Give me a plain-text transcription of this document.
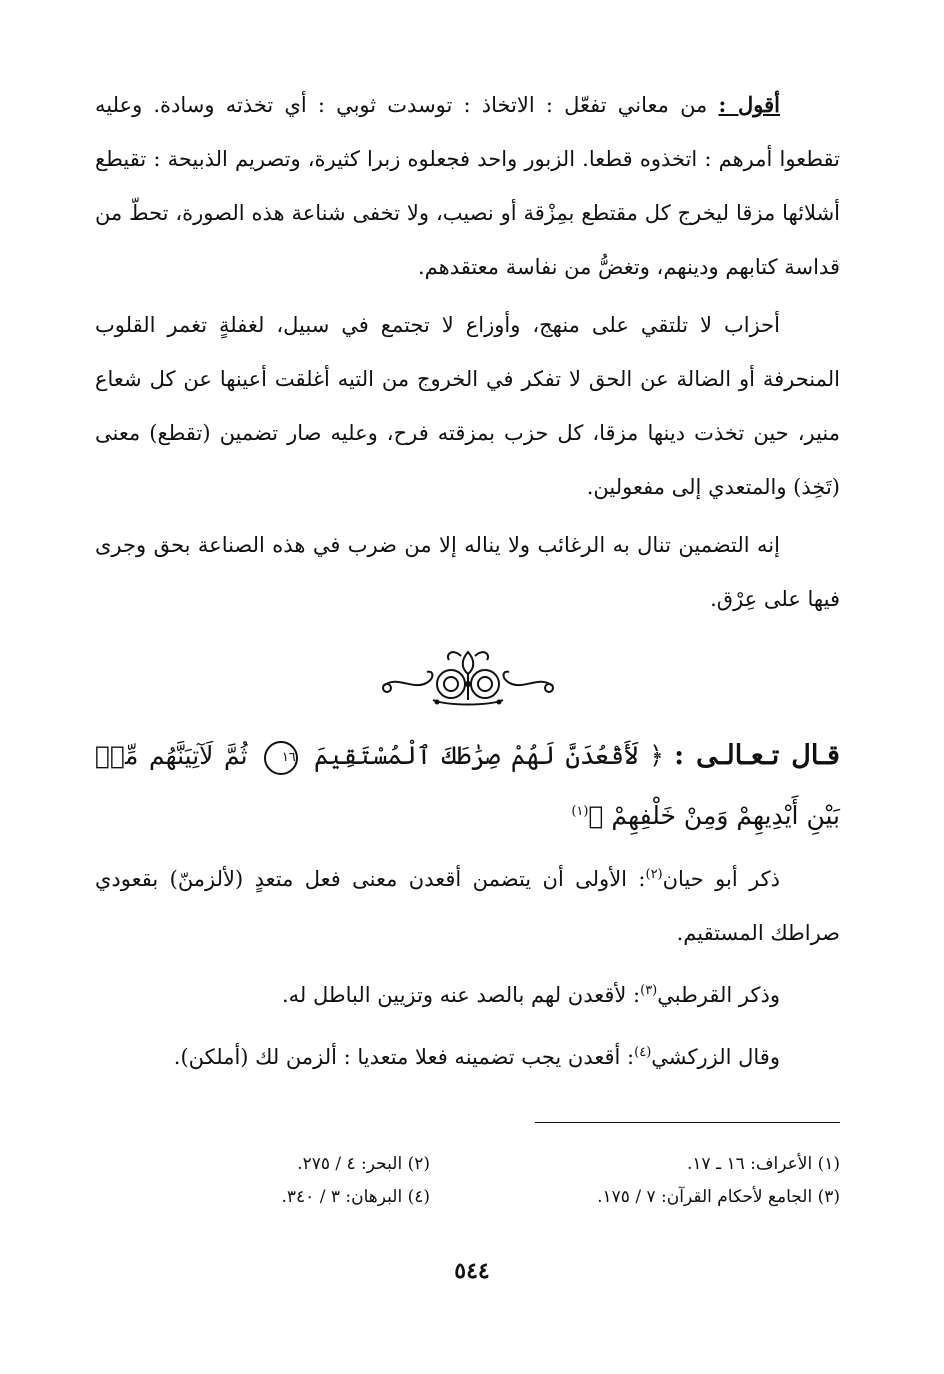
أقول : من معاني تفعّل : الاتخاذ : توسدت ثوبي : أي تخذته وسادة. وعليه تقطعوا أمرهم : اتخذوه قطعا. الزبور واحد فجعلوه زبرا كثيرة، وتصريم الذبيحة : تقيطع أشلائها مزقا ليخرج كل مقتطع بمِزْقة أو نصيب، ولا تخفى شناعة هذه الصورة، تحطّ من قداسة كتابهم ودينهم، وتغضُّ من نفاسة معتقدهم.

أحزاب لا تلتقي على منهج، وأوزاع لا تجتمع في سبيل، لغفلةٍ تغمر القلوب المنحرفة أو الضالة عن الحق لا تفكر في الخروج من التيه أغلقت أعينها عن كل شعاع منير، حين تخذت دينها مزقا، كل حزب بمزقته فرح، وعليه صار تضمين (تقطع) معنى (تَخِذ) والمتعدي إلى مفعولين.

إنه التضمين تنال به الرغائب ولا يناله إلا من ضرب في هذه الصناعة بحق وجرى فيها على عِرْق.

قـال تـعـالـى : ﴿ لَأَقْعُدَنَّ لَهُمْ صِرَٰطَكَ ٱلْمُسْتَقِيمَ ١٦ ثُمَّ لَآتِيَنَّهُم مِّنۢ بَيْنِ أَيْدِيهِمْ وَمِنْ خَلْفِهِمْ ﴾$^{(١)}$

ذكر أبو حيان$^{(٢)}$: الأولى أن يتضمن أقعدن معنى فعل متعدٍ (لألزمنّ) بقعودي صراطك المستقيم.

وذكر القرطبي$^{(٣)}$: لأقعدن لهم بالصد عنه وتزيين الباطل له.

وقال الزركشي$^{(٤)}$: أقعدن يجب تضمينه فعلا متعديا : ألزمن لك (أملكن).

(١) الأعراف: ١٦ ـ ١٧.
(٢) البحر: ٤ / ٢٧٥.
(٣) الجامع لأحكام القرآن: ٧ / ١٧٥.
(٤) البرهان: ٣ / ٣٤٠.
٥٤٤
